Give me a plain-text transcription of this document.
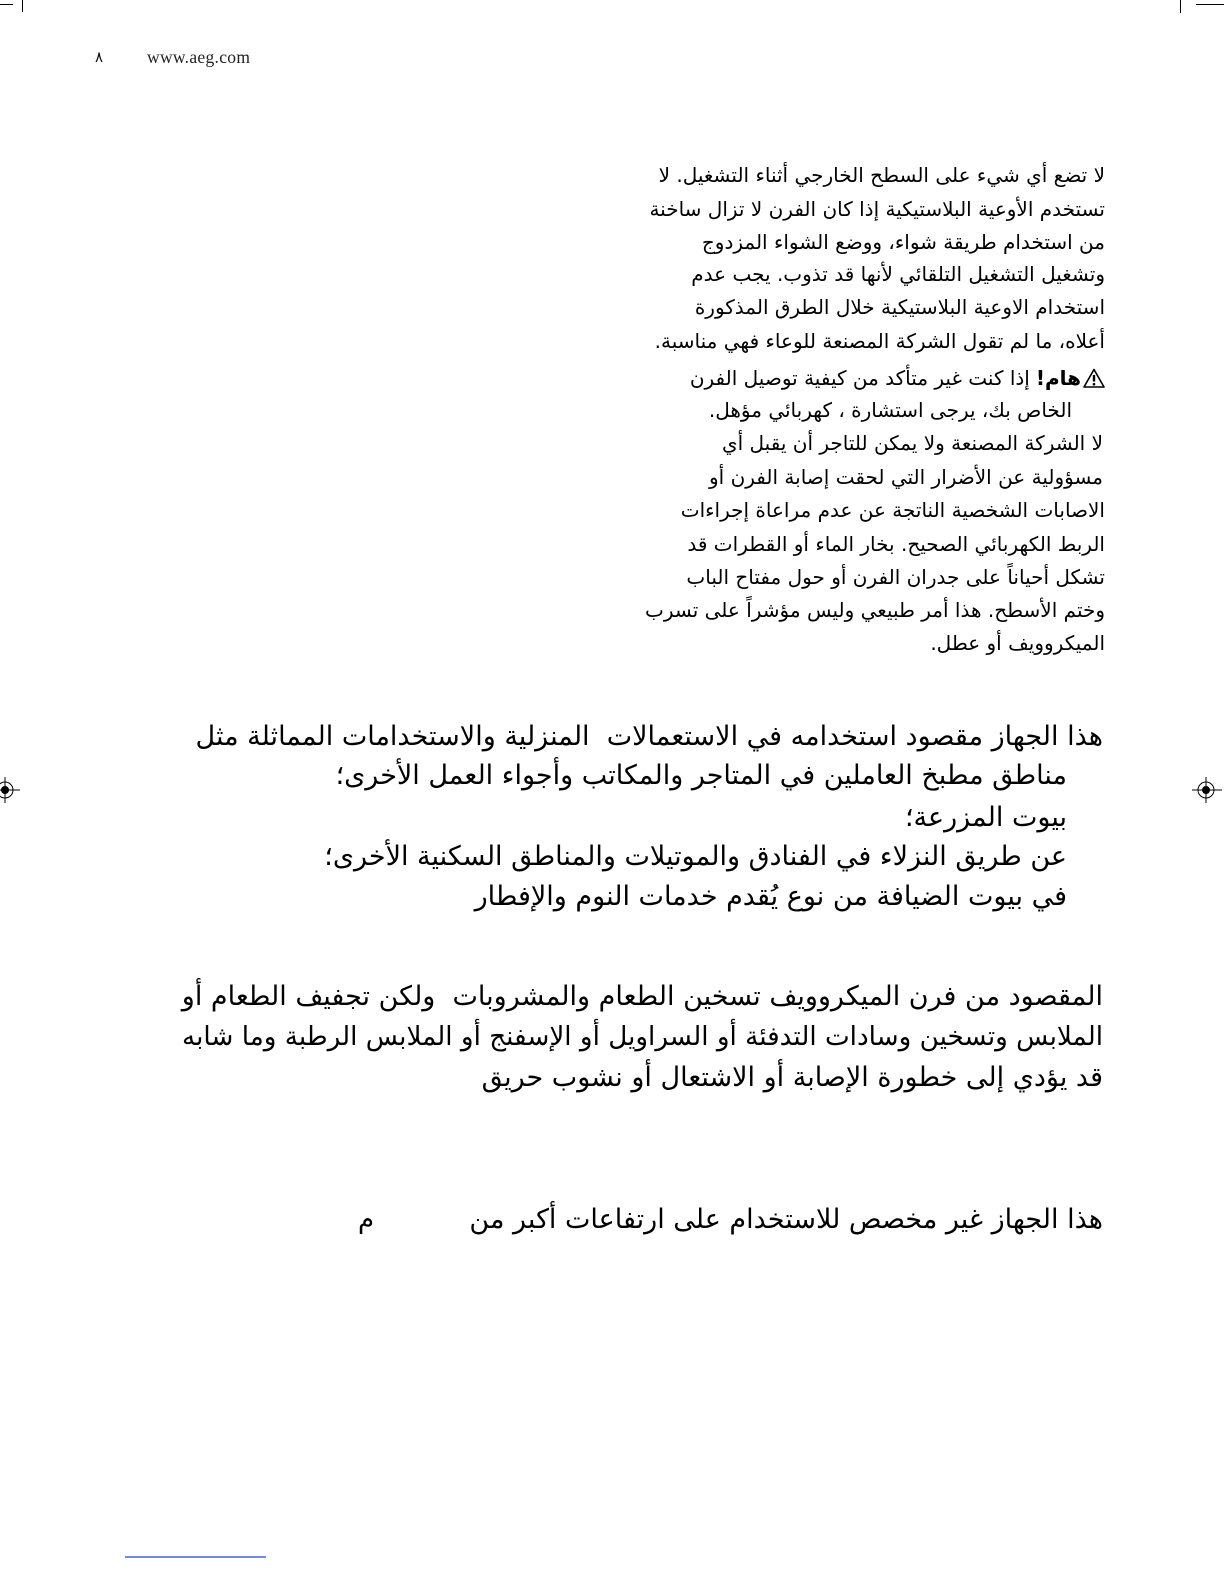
٨	www.aeg.com
لا تضع أي شيء على السطح الخارجي أثناء التشغيل. لا
تستخدم الأوعية البلاستيكية إذا كان الفرن لا تزال ساخنة
من استخدام طريقة شواء، ووضع الشواء المزدوج
وتشغيل التشغيل التلقائي لأنها قد تذوب. يجب عدم
استخدام الاوعية البلاستيكية خلال الطرق المذكورة
أعلاه، ما لم تقول الشركة المصنعة للوعاء فهي مناسبة.
هام!إذا كنت غير متأكد من كيفية توصيل الفرن
الخاص بك، يرجى استشارة ، كهربائي مؤهل.
لا الشركة المصنعة ولا يمكن للتاجر أن يقبل أي
مسؤولية عن الأضرار التي لحقت إصابة الفرن أو
الاصابات الشخصية الناتجة عن عدم مراعاة إجراءات
الربط الكهربائي الصحيح. بخار الماء أو القطرات قد
تشكل أحياناً على جدران الفرن أو حول مفتاح الباب
وختم الأسطح. هذا أمر طبيعي وليس مؤشراً على تسرب
الميكروويف أو عطل.
هذا الجهاز مقصود استخدامه في الاستعمالات  المنزلية والاستخدامات المماثلة مثل
مناطق مطبخ العاملين في المتاجر والمكاتب وأجواء العمل الأخرى؛
بيوت المزرعة؛
عن طريق النزلاء في الفنادق والموتيلات والمناطق السكنية الأخرى؛
في بيوت الضيافة من نوع يُقدم خدمات النوم والإفطار
المقصود من فرن الميكروويف تسخين الطعام والمشروبات  ولكن تجفيف الطعام أو
الملابس وتسخين وسادات التدفئة أو السراويل أو الإسفنج أو الملابس الرطبة وما شابه
قد يؤدي إلى خطورة الإصابة أو الاشتعال أو نشوب حريق
هذا الجهاز غير مخصص للاستخدام على ارتفاعات أكبر من
م
